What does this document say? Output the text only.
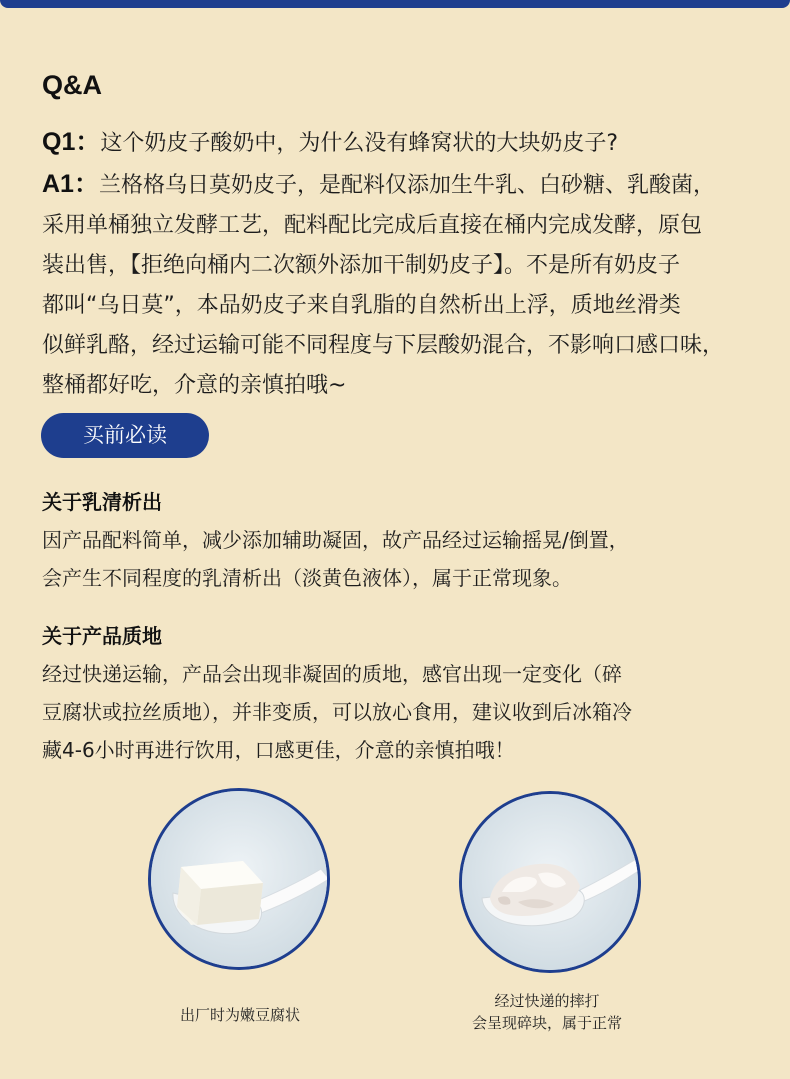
Q&A
Q1：这个奶皮子酸奶中，为什么没有蜂窝状的大块奶皮子?
A1：兰格格乌日莫奶皮子，是配料仅添加生牛乳、白砂糖、乳酸菌，
采用单桶独立发酵工艺，配料配比完成后直接在桶内完成发酵，原包
装出售，【拒绝向桶内二次额外添加干制奶皮子】。不是所有奶皮子
都叫“乌日莫”，本品奶皮子来自乳脂的自然析出上浮，质地丝滑类
似鲜乳酪，经过运输可能不同程度与下层酸奶混合，不影响口感口味，
整桶都好吃，介意的亲慎拍哦~
买前必读
关于乳清析出
因产品配料简单，减少添加辅助凝固，故产品经过运输摇晃/倒置，
会产生不同程度的乳清析出（淡黄色液体），属于正常现象。
关于产品质地
经过快递运输，产品会出现非凝固的质地，感官出现一定变化（碎
豆腐状或拉丝质地），并非变质，可以放心食用，建议收到后冰箱冷
藏4-6小时再进行饮用，口感更佳，介意的亲慎拍哦！
出厂时为嫩豆腐状
经过快递的摔打
会呈现碎块，属于正常
